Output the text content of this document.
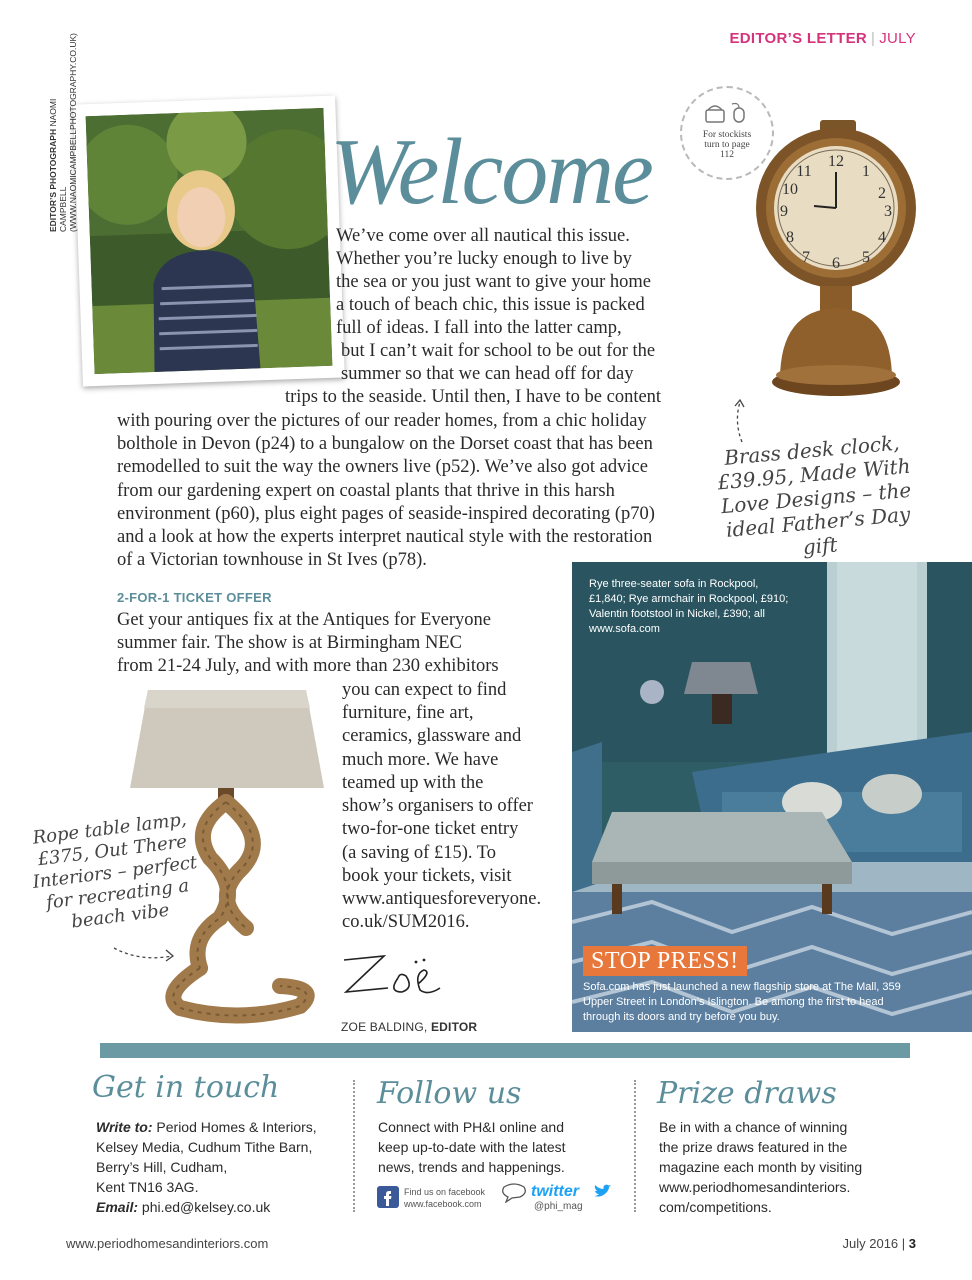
EDITOR’S LETTER | JULY
EDITOR’S PHOTOGRAPH NAOMI CAMPBELL (WWW.NAOMICAMPBELLPHOTOGRAPHY.CO.UK)	Welcome	For stockists
turn to page
112	12
1
2
3
4
5
6
7
8
9
10
11
Brass desk clock, £39.95, Made With Love Designs – the ideal Father’s Day gift
We’ve come over all nautical this issue.
Whether you’re lucky enough to live by
the sea or you just want to give your home
a touch of beach chic, this issue is packed
full of ideas. I fall into the latter camp,
but I can’t wait for school to be out for the
summer so that we can head off for day
trips to the seaside. Until then, I have to be content
with pouring over the pictures of our reader homes, from a chic holiday
bolthole in Devon (p24) to a bungalow on the Dorset coast that has been
remodelled to suit the way the owners live (p52). We’ve also got advice
from our gardening expert on coastal plants that thrive in this harsh
environment (p60), plus eight pages of seaside-inspired decorating (p70)
and a look at how the experts interpret nautical style with the restoration
of a Victorian townhouse in St Ives (p78).
2-FOR-1 TICKET OFFER
Get your antiques fix at the Antiques for Everyone
summer fair. The show is at Birmingham NEC
from 21-24 July, and with more than 230 exhibitors
you can expect to find
furniture, fine art,
ceramics, glassware and
much more. We have
teamed up with the
show’s organisers to offer
two-for-one ticket entry
(a saving of £15). To
book your tickets, visit
www.antiquesforeveryone.
co.uk/SUM2016.
Rope table lamp, £375, Out There Interiors – perfect for recreating a beach vibe
Rye three-seater sofa in Rockpool, £1,840; Rye armchair in Rockpool, £910; Valentin footstool in Nickel, £390; all www.sofa.com
STOP PRESS!
Sofa.com has just launched a new flagship store at The Mall, 359 Upper Street in London’s Islington. Be among the first to head through its doors and try before you buy.
ZOE BALDING, EDITOR
Get in touch
Write to: Period Homes & Interiors,
Kelsey Media, Cudhum Tithe Barn,
Berry’s Hill, Cudham,
Kent TN16 3AG.
Email: phi.ed@kelsey.co.uk
Follow us
Connect with PH&I online and
keep up-to-date with the latest
news, trends and happenings.
Find us on facebook
www.facebook.com
twitter
@phi_mag
Prize draws
Be in with a chance of winning
the prize draws featured in the
magazine each month by visiting
www.periodhomesandinteriors.
com/competitions.
www.periodhomesandinteriors.com	July 2016 | 3
